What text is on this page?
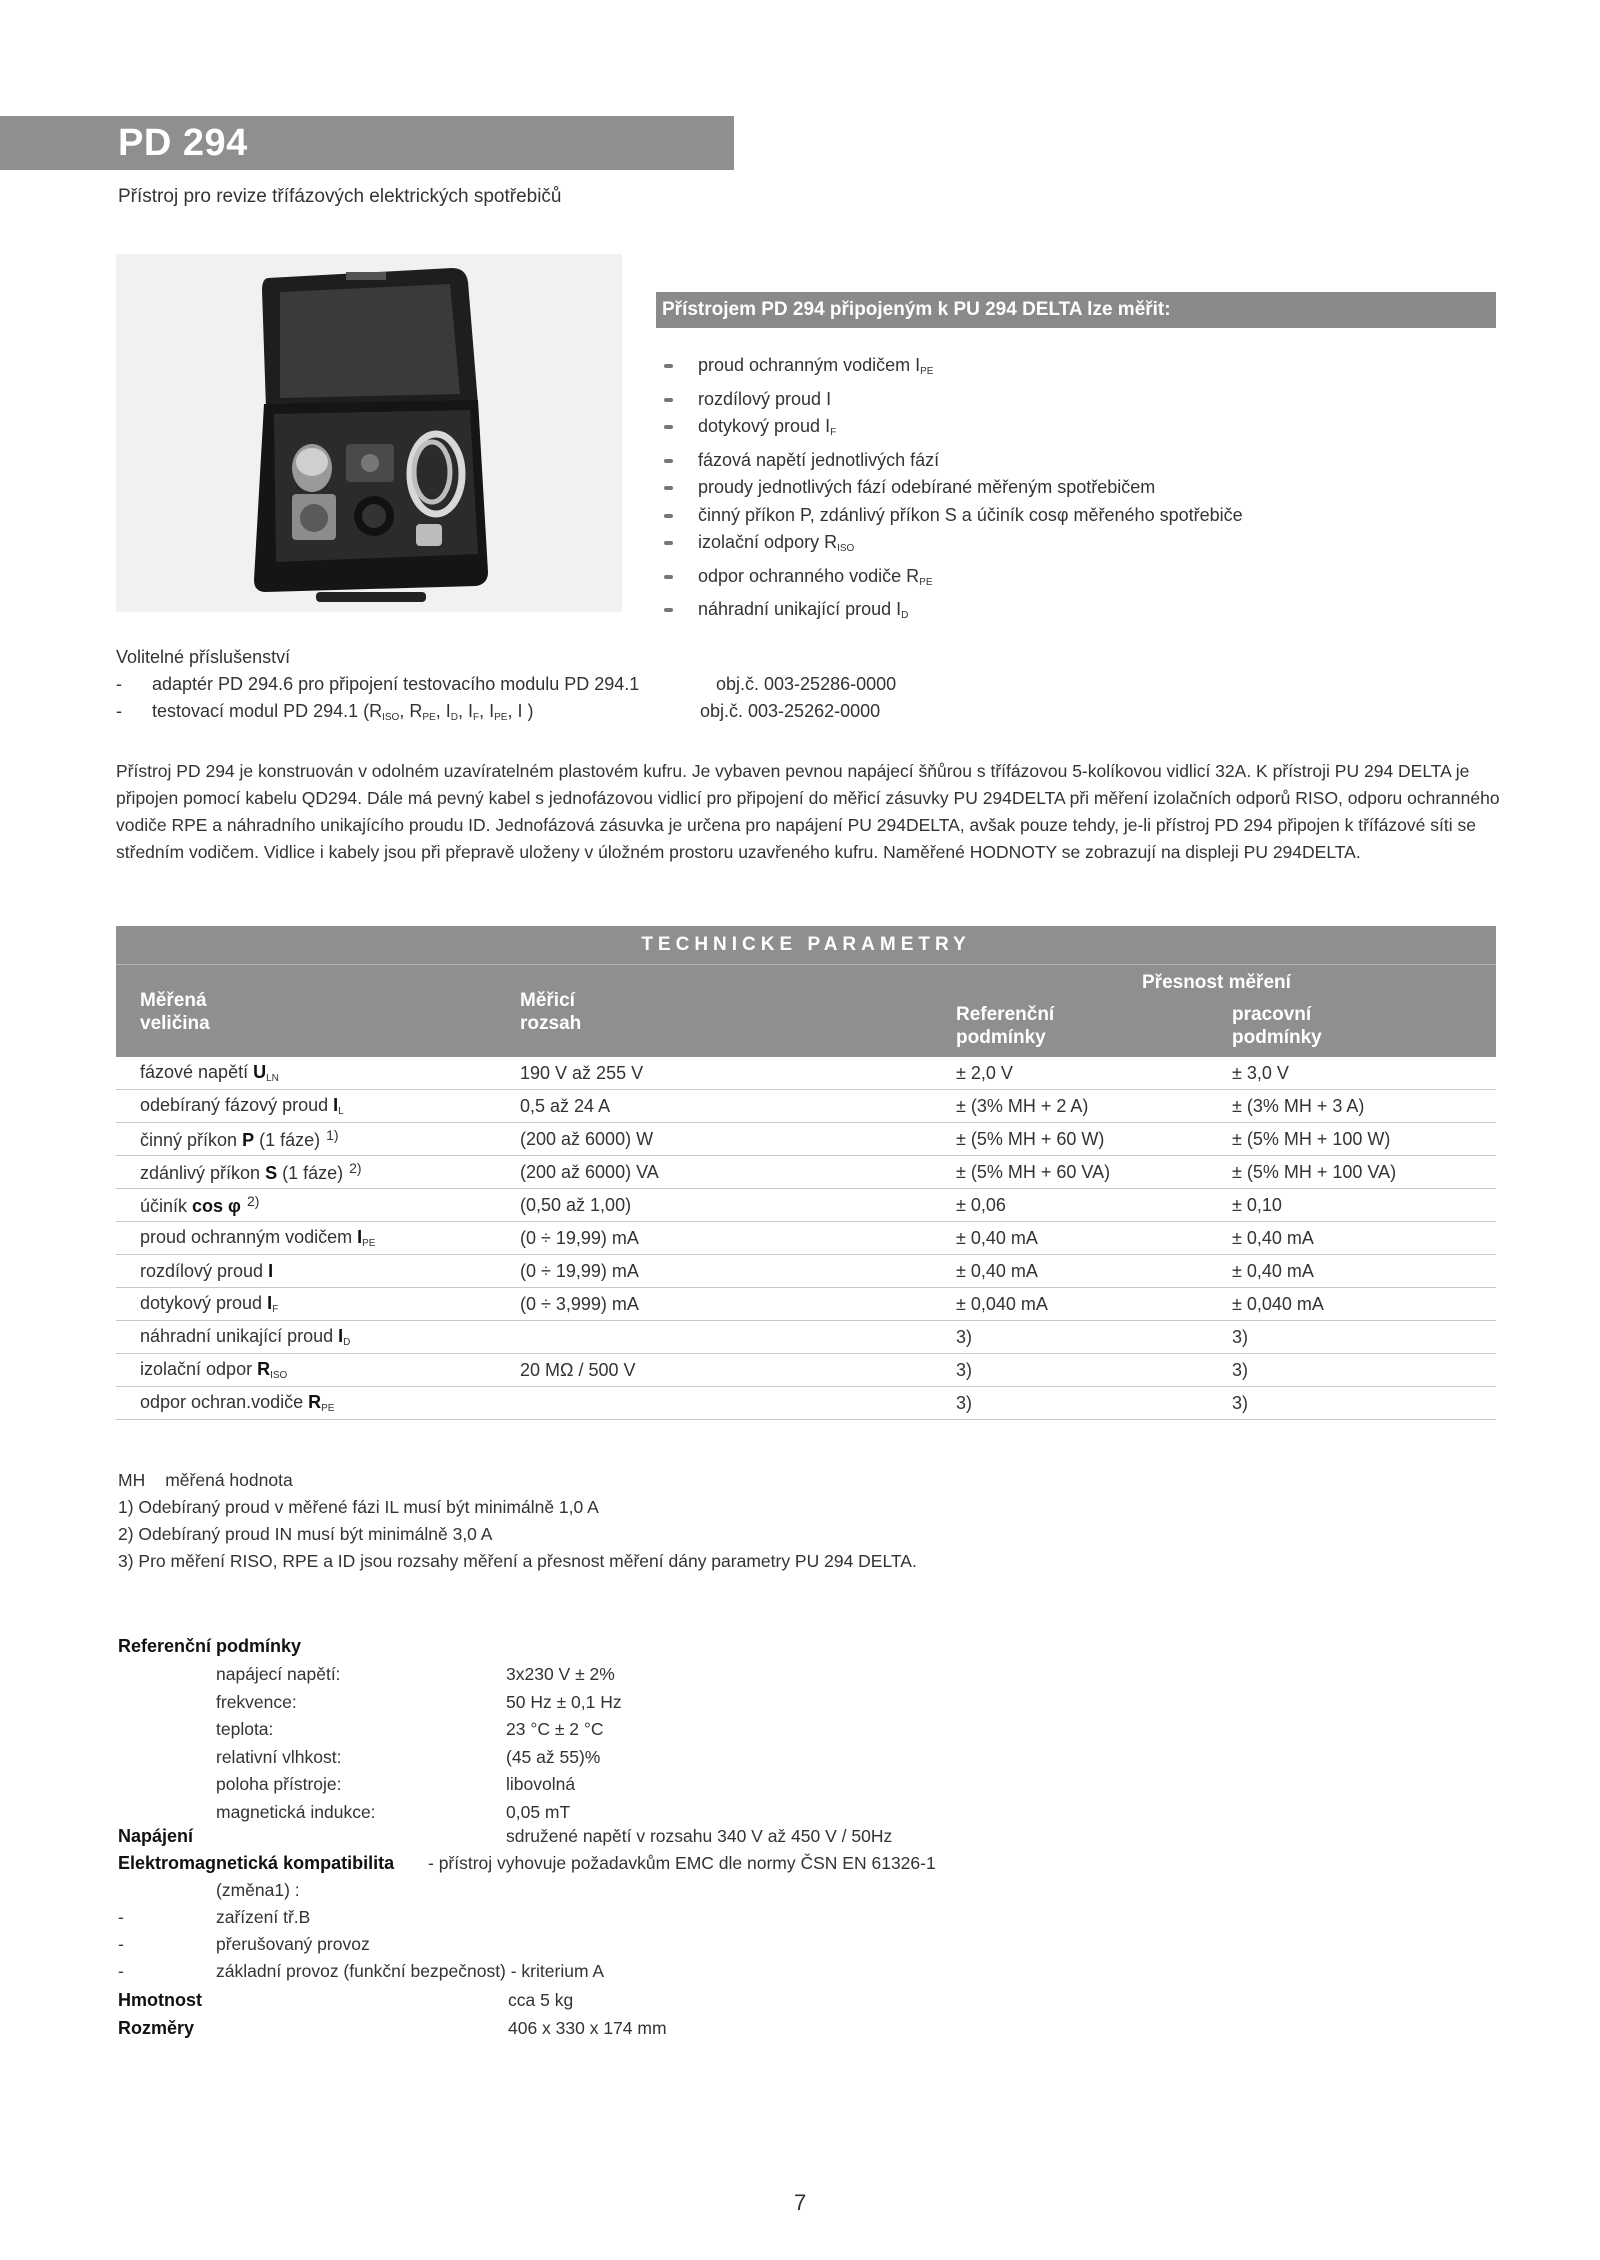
PD 294
Přístroj pro revize třífázových elektrických spotřebičů
Přístrojem PD 294 připojeným k PU 294 DELTA lze měřit:
proud ochranným vodičem $I_{PE}$
rozdílový proud I
dotykový proud $I_F$
fázová napětí jednotlivých fází
proudy jednotlivých fází odebírané měřeným spotřebičem
činný příkon P, zdánlivý příkon S a účiník cosφ měřeného spotřebiče
izolační odpory $R_{ISO}$
odpor ochranného vodiče $R_{PE}$
náhradní unikající proud $I_D$
Volitelné příslušenství
- adaptér PD 294.6 pro připojení testovacího modulu PD 294.1	obj.č. 003-25286-0000
- testovací modul PD 294.1 ($R_{ISO}$, $R_{PE}$, $I_D$, $I_F$, $I_{PE}$, I )	obj.č. 003-25262-0000

Přístroj PD 294 je konstruován v odolném uzavíratelném plastovém kufru. Je vybaven pevnou napájecí šňůrou s třífázovou 5-kolíkovou vidlicí 32A. K přístroji PU 294 DELTA je připojen pomocí kabelu QD294. Dále má pevný kabel s jednofázovou vidlicí pro připojení do měřicí zásuvky PU 294DELTA při měření izolačních odporů RISO, odporu ochranného vodiče RPE a náhradního unikajícího proudu ID. Jednofázová zásuvka je určena pro napájení PU 294DELTA, avšak pouze tehdy, je-li přístroj PD 294 připojen k třífázové síti se středním vodičem. Vidlice i kabely jsou při přepravě uloženy v úložném prostoru uzavřeného kufru. Naměřené HODNOTY se zobrazují na displeji PU 294DELTA.

TECHNICKE PARAMETRY
Měřená
veličina
Měřicí
rozsah
Přesnost měření
Referenční
podmínky
pracovní
podmínky
fázové napětí $U_{LN}$	190 V až 255 V	± 2,0 V	± 3,0 V
odebíraný fázový proud $I_L$	0,5 až 24 A	± (3% MH + 2 A)	± (3% MH + 3 A)
činný příkon P (1 fáze) $^{1)}$	(200 až 6000) W	± (5% MH + 60 W)	± (5% MH + 100 W)
zdánlivý příkon S (1 fáze) $^{2)}$	(200 až 6000) VA	± (5% MH + 60 VA)	± (5% MH + 100 VA)
účiník cos φ $^{2)}$	(0,50 až 1,00)	± 0,06	± 0,10
proud ochranným vodičem $I_{PE}$	(0 ÷ 19,99) mA	± 0,40 mA	± 0,40 mA
rozdílový proud I	(0 ÷ 19,99) mA	± 0,40 mA	± 0,40 mA
dotykový proud $I_F$	(0 ÷ 3,999) mA	± 0,040 mA	± 0,040 mA
náhradní unikající proud $I_D$		3)	3)
izolační odpor $R_{ISO}$	20 MΩ / 500 V	3)	3)
odpor ochran.vodiče $R_{PE}$		3)	3)
MH měřená hodnota
1) Odebíraný proud v měřené fázi IL musí být minimálně 1,0 A
2) Odebíraný proud IN musí být minimálně 3,0 A
3) Pro měření RISO, RPE a ID jsou rozsahy měření a přesnost měření dány parametry PU 294 DELTA.
Referenční podmínky
napájecí napětí:	3x230 V ± 2%
frekvence:	50 Hz ± 0,1 Hz
teplota:	23 °C ± 2 °C
relativní vlhkost:	(45 až 55)%
poloha přístroje:	libovolná
magnetická indukce:	0,05 mT
Napájení	sdružené napětí v rozsahu 340 V až 450 V / 50Hz
Elektromagnetická kompatibilita - přístroj vyhovuje požadavkům EMC dle normy ČSN EN 61326-1
(změna1) :
-	zařízení tř.B
-	přerušovaný provoz
-	základní provoz (funkční bezpečnost) - kriterium A
Hmotnost	cca 5 kg
Rozměry	406 x 330 x 174 mm
7
